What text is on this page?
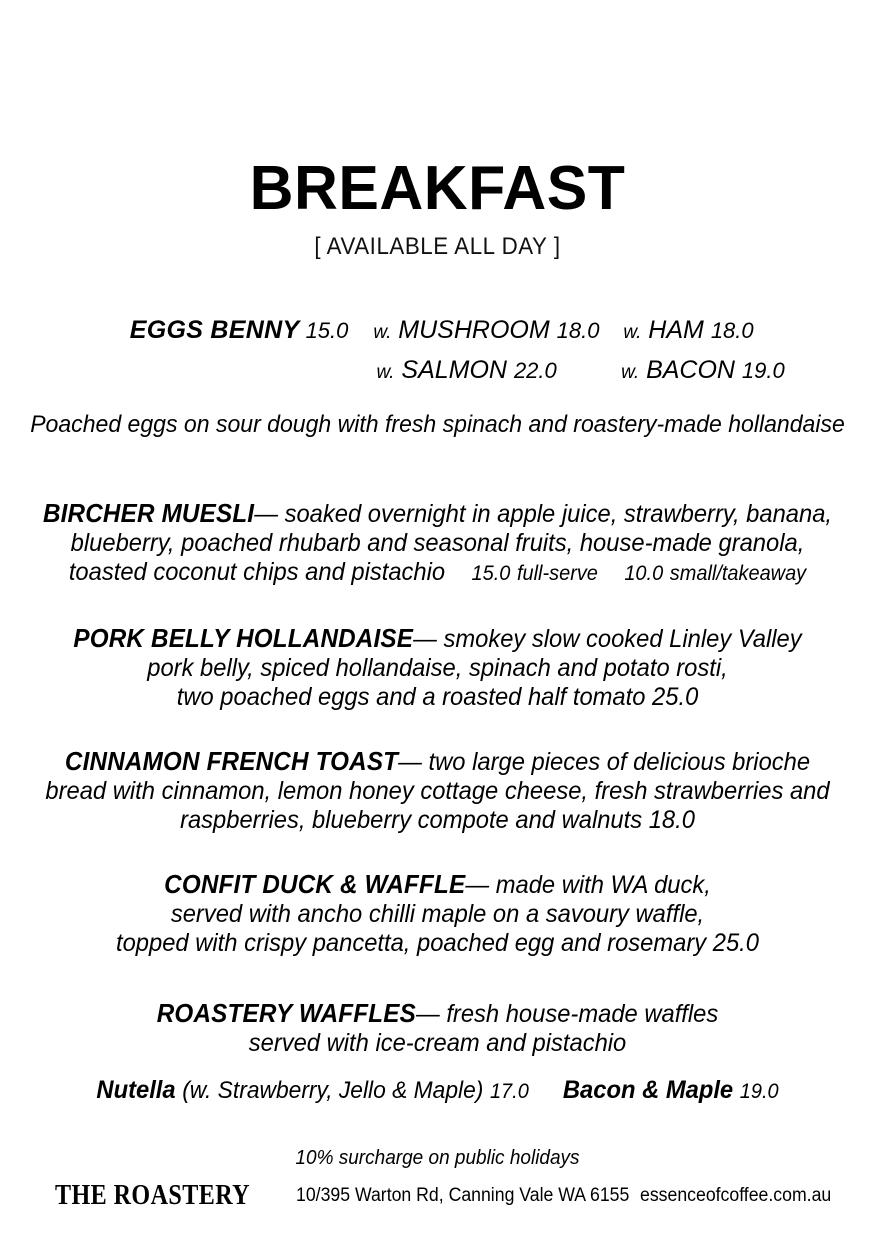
BREAKFAST
[ AVAILABLE ALL DAY ]
EGGS BENNY 15.0	w. MUSHROOM 18.0	w. HAM 18.0
w. SALMON 22.0	w. BACON 19.0
Poached eggs on sour dough with fresh spinach and roastery-made hollandaise

BIRCHER MUESLI— soaked overnight in apple juice, strawberry, banana,

blueberry, poached rhubarb and seasonal fruits, house-made granola,

toasted coconut chips and pistachio 15.0 full-serve 10.0 small/takeaway

PORK BELLY HOLLANDAISE— smokey slow cooked Linley Valley

pork belly, spiced hollandaise, spinach and potato rosti,

two poached eggs and a roasted half tomato 25.0

CINNAMON FRENCH TOAST— two large pieces of delicious brioche

bread with cinnamon, lemon honey cottage cheese, fresh strawberries and

raspberries, blueberry compote and walnuts 18.0

CONFIT DUCK & WAFFLE— made with WA duck,

served with ancho chilli maple on a savoury waffle,

topped with crispy pancetta, poached egg and rosemary 25.0

ROASTERY WAFFLES— fresh house-made waffles

served with ice-cream and pistachio

Nutella (w. Strawberry, Jello & Maple) 17.0 Bacon & Maple 19.0
10% surcharge on public holidays
THE ROASTERY 10/395 Warton Rd, Canning Vale WA 6155 essenceofcoffee.com.au
